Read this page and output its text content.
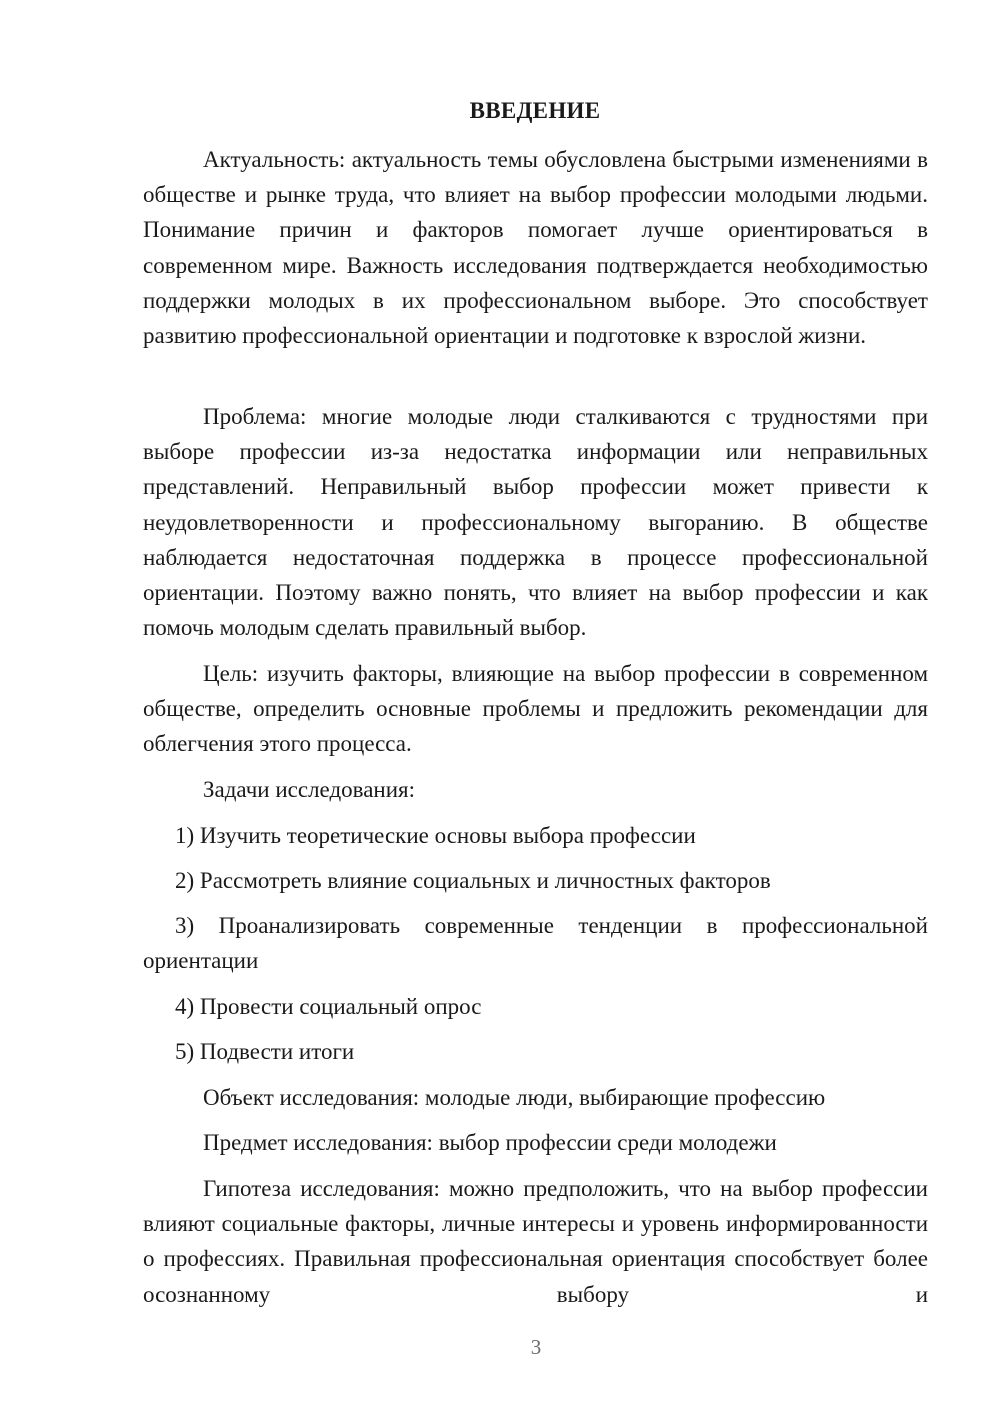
ВВЕДЕНИЕ
Актуальность: актуальность темы обусловлена быстрыми изменениями в обществе и рынке труда, что влияет на выбор профессии молодыми людьми. Понимание причин и факторов помогает лучше ориентироваться в современном мире. Важность исследования подтверждается необходимостью поддержки молодых в их профессиональном выборе. Это способствует развитию профессиональной ориентации и подготовке к взрослой жизни.
Проблема: многие молодые люди сталкиваются с трудностями при выборе профессии из-за недостатка информации или неправильных представлений. Неправильный выбор профессии может привести к неудовлетворенности и профессиональному выгоранию. В обществе наблюдается недостаточная поддержка в процессе профессиональной ориентации. Поэтому важно понять, что влияет на выбор профессии и как помочь молодым сделать правильный выбор.
Цель: изучить факторы, влияющие на выбор профессии в современном обществе, определить основные проблемы и предложить рекомендации для облегчения этого процесса.
Задачи исследования:
1) Изучить теоретические основы выбора профессии
2) Рассмотреть влияние социальных и личностных факторов
3) Проанализировать современные тенденции в профессиональной ориентации
4) Провести социальный опрос
5) Подвести итоги
Объект исследования: молодые люди, выбирающие профессию
Предмет исследования: выбор профессии среди молодежи
Гипотеза исследования: можно предположить, что на выбор профессии влияют социальные факторы, личные интересы и уровень информированности о профессиях. Правильная профессиональная ориентация способствует более осознанному выбору и
3
